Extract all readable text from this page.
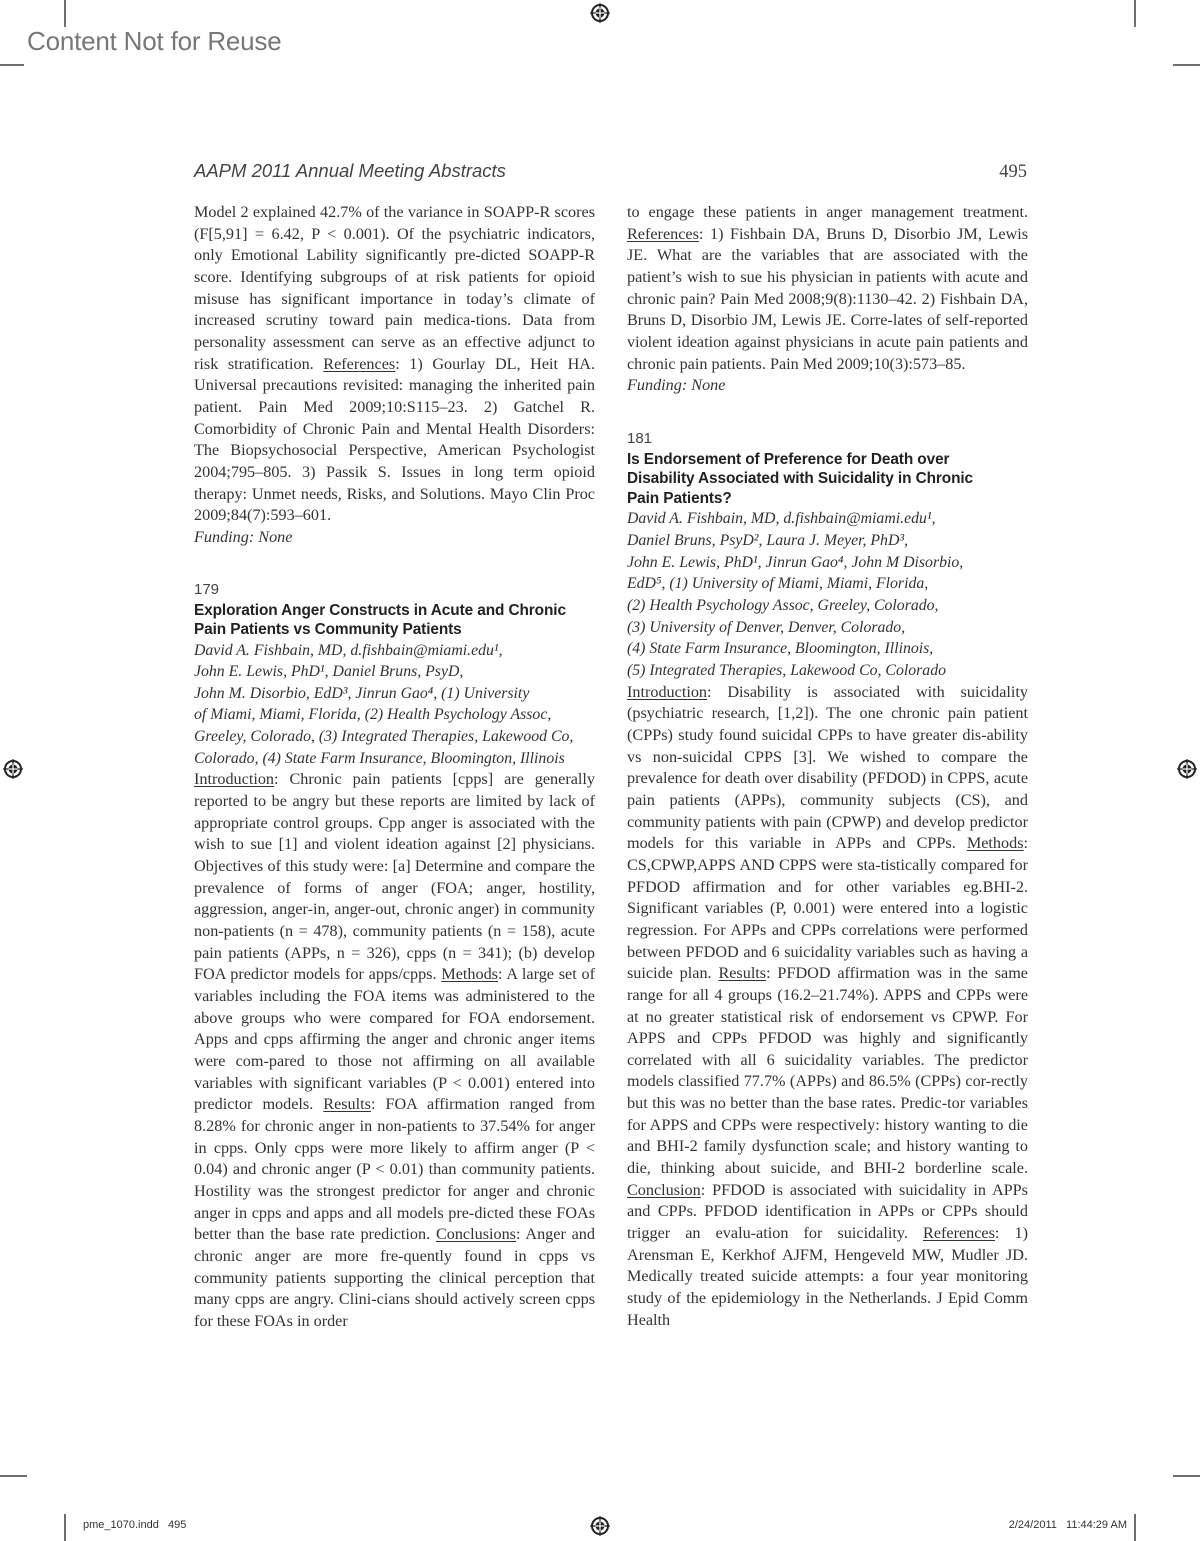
Content Not for Reuse
AAPM 2011 Annual Meeting Abstracts	495

Model 2 explained 42.7% of the variance in SOAPP-R scores (F[5,91] = 6.42, P < 0.001). Of the psychiatric indicators, only Emotional Lability significantly pre-dicted SOAPP-R score. Identifying subgroups of at risk patients for opioid misuse has significant importance in today’s climate of increased scrutiny toward pain medica-tions. Data from personality assessment can serve as an effective adjunct to risk stratification. References: 1) Gourlay DL, Heit HA. Universal precautions revisited: managing the inherited pain patient. Pain Med 2009;10:S115–23. 2) Gatchel R. Comorbidity of Chronic Pain and Mental Health Disorders: The Biopsychosocial Perspective, American Psychologist 2004;795–805. 3) Passik S. Issues in long term opioid therapy: Unmet needs, Risks, and Solutions. Mayo Clin Proc 2009;84(7):593–601.

Funding: None

179
Exploration Anger Constructs in Acute and Chronic Pain Patients vs Community Patients
David A. Fishbain, MD, d.fishbain@miami.edu¹,
John E. Lewis, PhD¹, Daniel Bruns, PsyD,
John M. Disorbio, EdD³, Jinrun Gao⁴, (1) University
of Miami, Miami, Florida, (2) Health Psychology Assoc,
Greeley, Colorado, (3) Integrated Therapies, Lakewood Co,
Colorado, (4) State Farm Insurance, Bloomington, Illinois

Introduction: Chronic pain patients [cpps] are generally reported to be angry but these reports are limited by lack of appropriate control groups. Cpp anger is associated with the wish to sue [1] and violent ideation against [2] physicians. Objectives of this study were: [a] Determine and compare the prevalence of forms of anger (FOA; anger, hostility, aggression, anger-in, anger-out, chronic anger) in community non-patients (n = 478), community patients (n = 158), acute pain patients (APPs, n = 326), cpps (n = 341); (b) develop FOA predictor models for apps/cpps. Methods: A large set of variables including the FOA items was administered to the above groups who were compared for FOA endorsement. Apps and cpps affirming the anger and chronic anger items were com-pared to those not affirming on all available variables with significant variables (P < 0.001) entered into predictor models. Results: FOA affirmation ranged from 8.28% for chronic anger in non-patients to 37.54% for anger in cpps. Only cpps were more likely to affirm anger (P < 0.04) and chronic anger (P < 0.01) than community patients. Hostility was the strongest predictor for anger and chronic anger in cpps and apps and all models pre-dicted these FOAs better than the base rate prediction. Conclusions: Anger and chronic anger are more fre-quently found in cpps vs community patients supporting the clinical perception that many cpps are angry. Clini-cians should actively screen cpps for these FOAs in order

to engage these patients in anger management treatment. References: 1) Fishbain DA, Bruns D, Disorbio JM, Lewis JE. What are the variables that are associated with the patient’s wish to sue his physician in patients with acute and chronic pain? Pain Med 2008;9(8):1130–42. 2) Fishbain DA, Bruns D, Disorbio JM, Lewis JE. Corre-lates of self-reported violent ideation against physicians in acute pain patients and chronic pain patients. Pain Med 2009;10(3):573–85.

Funding: None

181
Is Endorsement of Preference for Death over Disability Associated with Suicidality in Chronic Pain Patients?
David A. Fishbain, MD, d.fishbain@miami.edu¹,
Daniel Bruns, PsyD², Laura J. Meyer, PhD³,
John E. Lewis, PhD¹, Jinrun Gao⁴, John M Disorbio,
EdD⁵, (1) University of Miami, Miami, Florida,
(2) Health Psychology Assoc, Greeley, Colorado,
(3) University of Denver, Denver, Colorado,
(4) State Farm Insurance, Bloomington, Illinois,
(5) Integrated Therapies, Lakewood Co, Colorado

Introduction: Disability is associated with suicidality (psychiatric research, [1,2]). The one chronic pain patient (CPPs) study found suicidal CPPs to have greater dis-ability vs non-suicidal CPPS [3]. We wished to compare the prevalence for death over disability (PFDOD) in CPPS, acute pain patients (APPs), community subjects (CS), and community patients with pain (CPWP) and develop predictor models for this variable in APPs and CPPs. Methods: CS,CPWP,APPS AND CPPS were sta-tistically compared for PFDOD affirmation and for other variables eg.BHI-2. Significant variables (P, 0.001) were entered into a logistic regression. For APPs and CPPs correlations were performed between PFDOD and 6 suicidality variables such as having a suicide plan. Results: PFDOD affirmation was in the same range for all 4 groups (16.2–21.74%). APPS and CPPs were at no greater statistical risk of endorsement vs CPWP. For APPS and CPPs PFDOD was highly and significantly correlated with all 6 suicidality variables. The predictor models classified 77.7% (APPs) and 86.5% (CPPs) cor-rectly but this was no better than the base rates. Predic-tor variables for APPS and CPPs were respectively: history wanting to die and BHI-2 family dysfunction scale; and history wanting to die, thinking about suicide, and BHI-2 borderline scale. Conclusion: PFDOD is associated with suicidality in APPs and CPPs. PFDOD identification in APPs or CPPs should trigger an evalu-ation for suicidality. References: 1) Arensman E, Kerkhof AJFM, Hengeveld MW, Mudler JD. Medically treated suicide attempts: a four year monitoring study of the epidemiology in the Netherlands. J Epid Comm Health

pme_1070.indd   495	2/24/2011   11:44:29 AM
